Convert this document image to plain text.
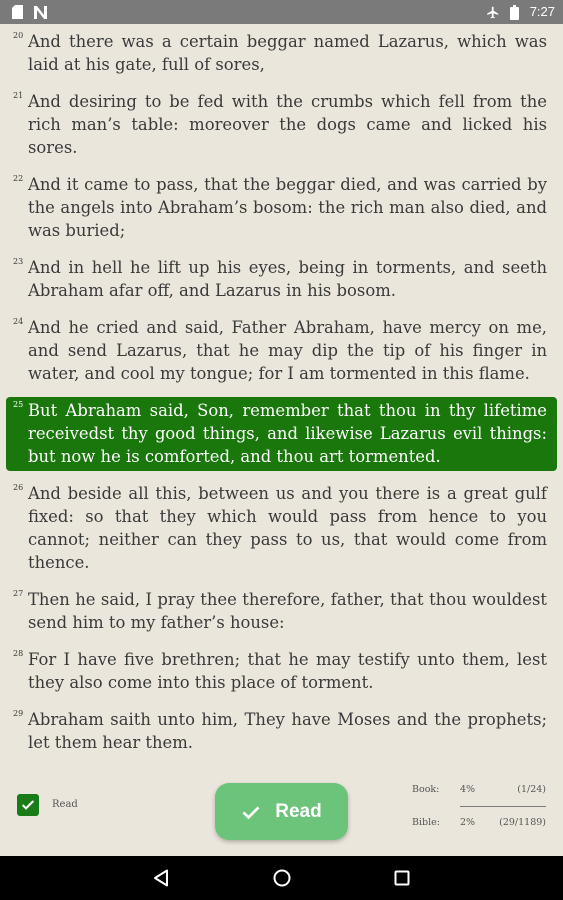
7:27
20 And there was a certain beggar named Lazarus, which was laid at his gate, full of sores,
21 And desiring to be fed with the crumbs which fell from the rich man’s table: moreover the dogs came and licked his sores.
22 And it came to pass, that the beggar died, and was carried by the angels into Abraham’s bosom: the rich man also died, and was buried;
23 And in hell he lift up his eyes, being in torments, and seeth Abraham afar off, and Lazarus in his bosom.
24 And he cried and said, Father Abraham, have mercy on me, and send Lazarus, that he may dip the tip of his finger in water, and cool my tongue; for I am tormented in this flame.
25 But Abraham said, Son, remember that thou in thy lifetime receivedst thy good things, and likewise Lazarus evil things: but now he is comforted, and thou art tormented.
26 And beside all this, between us and you there is a great gulf fixed: so that they which would pass from hence to you cannot; neither can they pass to us, that would come from thence.
27 Then he said, I pray thee therefore, father, that thou wouldest send him to my father’s house:
28 For I have five brethren; that he may testify unto them, lest they also come into this place of torment.
29 Abraham saith unto him, They have Moses and the prophets; let them hear them.
Read	Read
Book:	4%	(1/24)
Bible:	2%	(29/1189)
